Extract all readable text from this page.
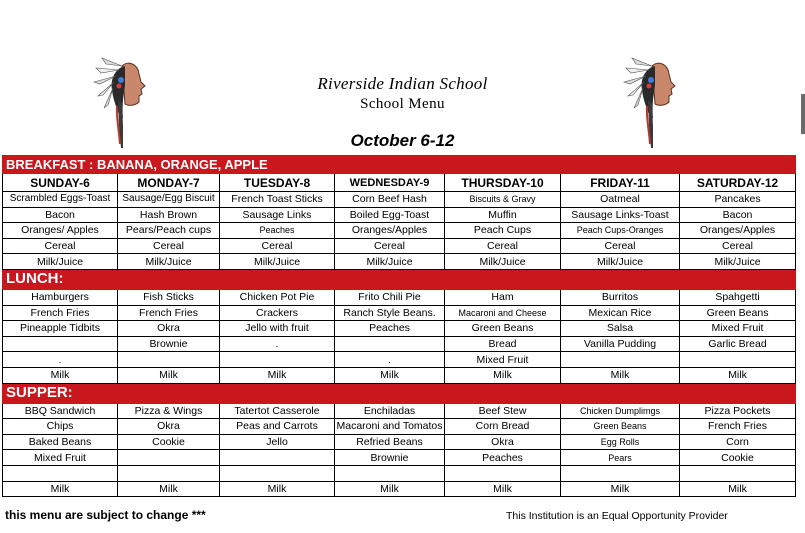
Riverside Indian School
School Menu
October 6-12
BREAKFAST : BANANA, ORANGE, APPLE						
SUNDAY-6	MONDAY-7	TUESDAY-8	WEDNESDAY-9	THURSDAY-10	FRIDAY-11	SATURDAY-12
Scrambled Eggs-Toast	Sausage/Egg Biscuit	French Toast Sticks	Corn Beef Hash	Biscuits & Gravy	Oatmeal	Pancakes
Bacon	Hash Brown	Sausage Links	Boiled Egg-Toast	Muffin	Sausage Links-Toast	Bacon
Oranges/ Apples	Pears/Peach cups	Peaches	Oranges/Apples	Peach Cups	Peach Cups-Oranges	Oranges/Apples
Cereal	Cereal	Cereal	Cereal	Cereal	Cereal	Cereal
Milk/Juice	Milk/Juice	Milk/Juice	Milk/Juice	Milk/Juice	Milk/Juice	Milk/Juice
LUNCH:						
Hamburgers	Fish Sticks	Chicken Pot Pie	Frito Chili Pie	Ham	Burritos	Spahgetti
French Fries	French Fries	Crackers	Ranch Style Beans.	Macaroni and Cheese	Mexican Rice	Green Beans
Pineapple Tidbits	Okra	Jello with fruit	Peaches	Green Beans	Salsa	Mixed Fruit
	Brownie	.		Bread	Vanilla Pudding	Garlic Bread
.			.	Mixed Fruit		
Milk	Milk	Milk	Milk	Milk	Milk	Milk
SUPPER:						
BBQ Sandwich	Pizza & Wings	Tatertot Casserole	Enchiladas	Beef Stew	Chicken Dumplimgs	Pizza Pockets
Chips	Okra	Peas and Carrots	Macaroni and Tomatos	Corn Bread	Green Beans	French Fries
Baked Beans	Cookie	Jello	Refried Beans	Okra	Egg Rolls	Corn
Mixed Fruit			Brownie	Peaches	Pears	Cookie

Milk	Milk	Milk	Milk	Milk	Milk	Milk
this menu are subject to change ***	This Institution is an Equal Opportunity Provider
